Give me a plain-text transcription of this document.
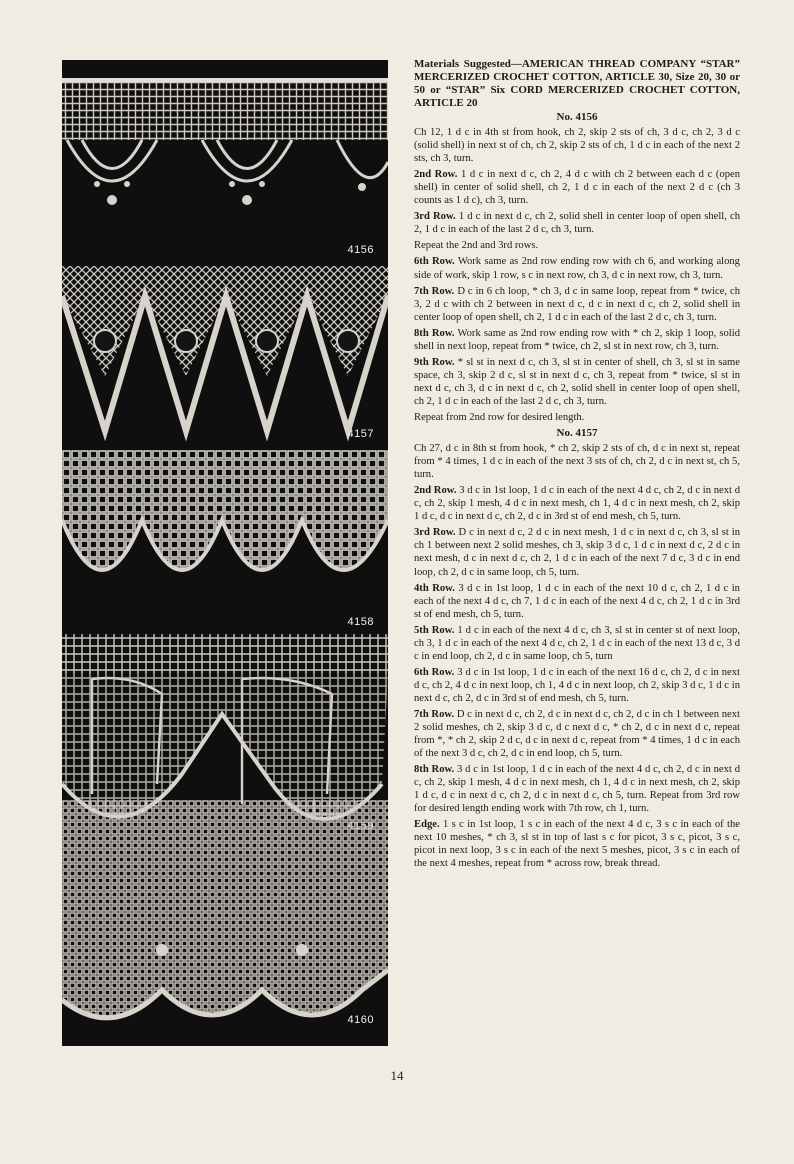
4156
4157
4158
4160

Materials Suggested—AMERICAN THREAD COMPANY “STAR” MERCERIZED CROCHET COTTON, ARTICLE 30, Size 20, 30 or 50 or “STAR” Six CORD MERCERIZED CROCHET COTTON, ARTICLE 20

No. 4156

Ch 12, 1 d c in 4th st from hook, ch 2, skip 2 sts of ch, 3 d c, ch 2, 3 d c (solid shell) in next st of ch, ch 2, skip 2 sts of ch, 1 d c in each of the next 2 sts, ch 3, turn.

2nd Row. 1 d c in next d c, ch 2, 4 d c with ch 2 between each d c (open shell) in center of solid shell, ch 2, 1 d c in each of the next 2 d c (ch 3 counts as 1 d c), ch 3, turn.

3rd Row. 1 d c in next d c, ch 2, solid shell in center loop of open shell, ch 2, 1 d c in each of the last 2 d c, ch 3, turn.

Repeat the 2nd and 3rd rows.

6th Row. Work same as 2nd row ending row with ch 6, and working along side of work, skip 1 row, s c in next row, ch 3, d c in next row, ch 3, turn.

7th Row. D c in 6 ch loop, * ch 3, d c in same loop, repeat from * twice, ch 3, 2 d c with ch 2 between in next d c, d c in next d c, ch 2, solid shell in center loop of open shell, ch 2, 1 d c in each of the last 2 d c, ch 3, turn.

8th Row. Work same as 2nd row ending row with * ch 2, skip 1 loop, solid shell in next loop, repeat from * twice, ch 2, sl st in next row, ch 3, turn.

9th Row. * sl st in next d c, ch 3, sl st in center of shell, ch 3, sl st in same space, ch 3, skip 2 d c, sl st in next d c, ch 3, repeat from * twice, sl st in next d c, ch 3, d c in next d c, ch 2, solid shell in center loop of open shell, ch 2, 1 d c in each of the last 2 d c, ch 3, turn.

Repeat from 2nd row for desired length.

No. 4157

Ch 27, d c in 8th st from hook, * ch 2, skip 2 sts of ch, d c in next st, repeat from * 4 times, 1 d c in each of the next 3 sts of ch, ch 2, d c in next st, ch 5, turn.

2nd Row. 3 d c in 1st loop, 1 d c in each of the next 4 d c, ch 2, d c in next d c, ch 2, skip 1 mesh, 4 d c in next mesh, ch 1, 4 d c in next mesh, ch 2, skip 1 d c, d c in next d c, ch 2, d c in 3rd st of end mesh, ch 5, turn.

3rd Row. D c in next d c, 2 d c in next mesh, 1 d c in next d c, ch 3, sl st in ch 1 between next 2 solid meshes, ch 3, skip 3 d c, 1 d c in next d c, 2 d c in next mesh, d c in next d c, ch 2, 1 d c in each of the next 7 d c, 3 d c in end loop, ch 2, d c in same loop, ch 5, turn.

4th Row. 3 d c in 1st loop, 1 d c in each of the next 10 d c, ch 2, 1 d c in each of the next 4 d c, ch 7, 1 d c in each of the next 4 d c, ch 2, 1 d c in 3rd st of end mesh, ch 5, turn.

5th Row. 1 d c in each of the next 4 d c, ch 3, sl st in center st of next loop, ch 3, 1 d c in each of the next 4 d c, ch 2, 1 d c in each of the next 13 d c, 3 d c in end loop, ch 2, d c in same loop, ch 5, turn

6th Row. 3 d c in 1st loop, 1 d c in each of the next 16 d c, ch 2, d c in next d c, ch 2, 4 d c in next loop, ch 1, 4 d c in next loop, ch 2, skip 3 d c, 1 d c in next d c, ch 2, d c in 3rd st of end mesh, ch 5, turn.

7th Row. D c in next d c, ch 2, d c in next d c, ch 2, d c in ch 1 between next 2 solid meshes, ch 2, skip 3 d c, d c next d c, * ch 2, d c in next d c, repeat from *, * ch 2, skip 2 d c, d c in next d c, repeat from * 4 times, 1 d c in each of the next 3 d c, ch 2, d c in end loop, ch 5, turn.

8th Row. 3 d c in 1st loop, 1 d c in each of the next 4 d c, ch 2, d c in next d c, ch 2, skip 1 mesh, 4 d c in next mesh, ch 1, 4 d c in next mesh, ch 2, skip 1 d c, d c in next d c, ch 2, d c in next d c, ch 5, turn. Repeat from 3rd row for desired length ending work with 7th row, ch 1, turn.

Edge. 1 s c in 1st loop, 1 s c in each of the next 4 d c, 3 s c in each of the next 10 meshes, * ch 3, sl st in top of last s c for picot, 3 s c, picot, 3 s c, picot in next loop, 3 s c in each of the next 5 meshes, picot, 3 s c in each of the next 4 meshes, repeat from * across row, break thread.

14
